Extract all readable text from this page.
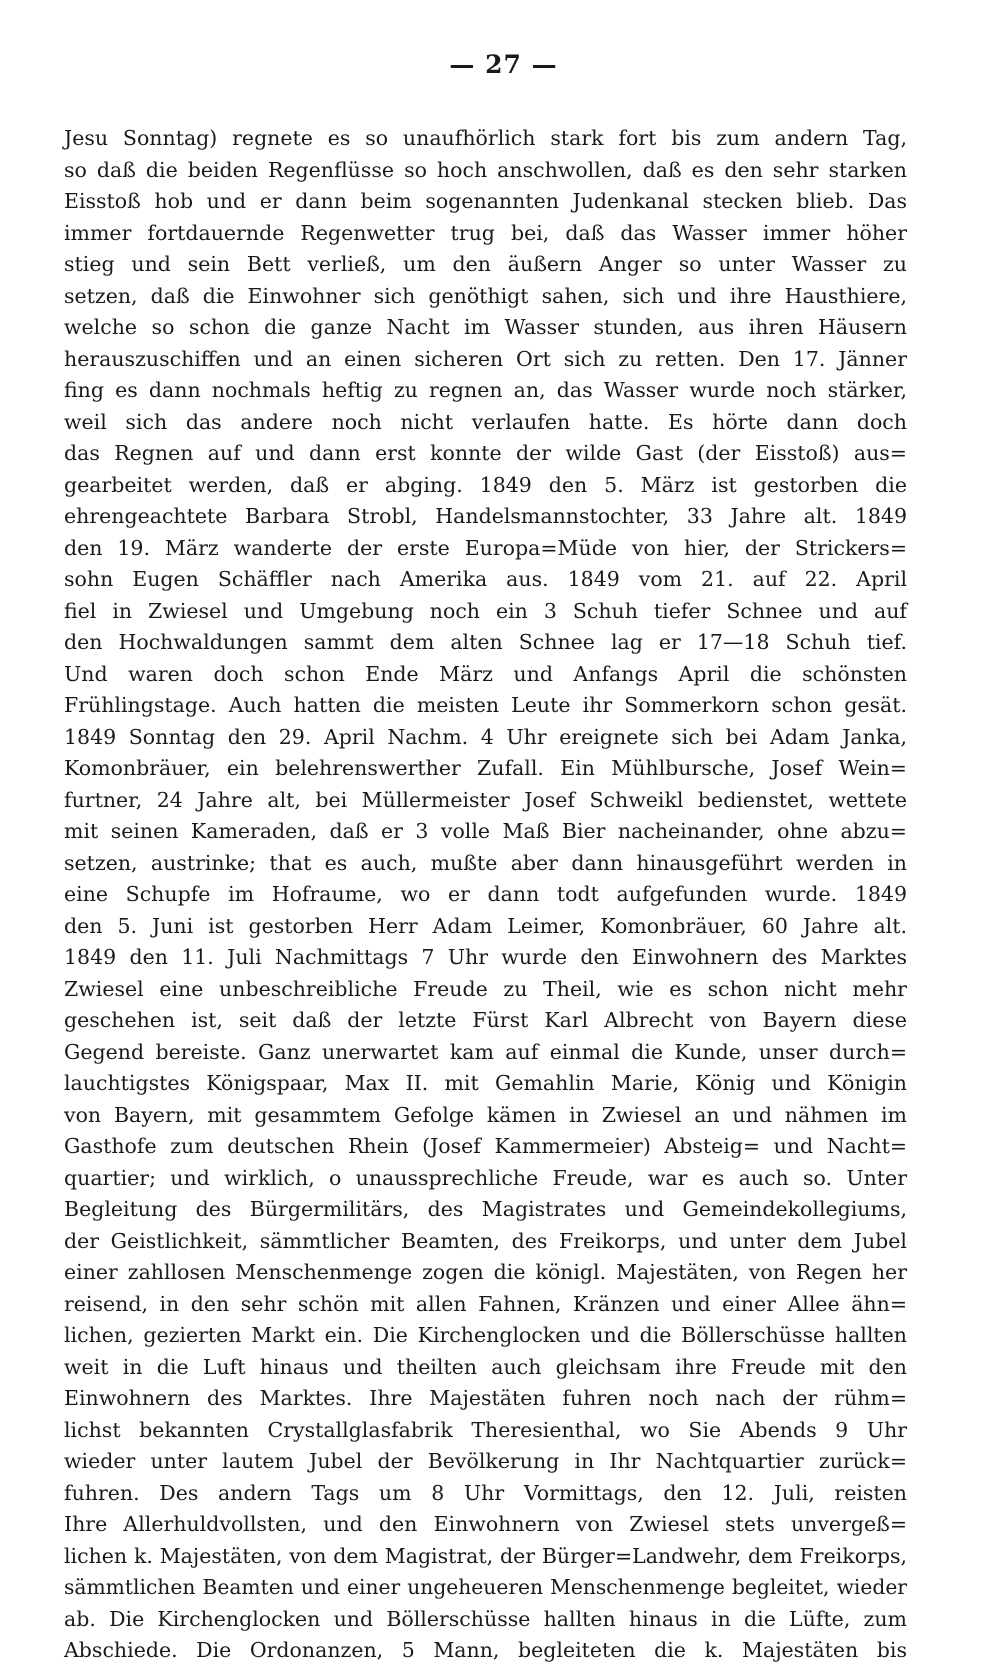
— 27 —
Jesu Sonntag) regnete es so unaufhörlich stark fort bis zum andern Tag,
so daß die beiden Regenflüsse so hoch anschwollen, daß es den sehr starken
Eisstoß hob und er dann beim sogenannten Judenkanal stecken blieb. Das
immer fortdauernde Regenwetter trug bei, daß das Wasser immer höher
stieg und sein Bett verließ, um den äußern Anger so unter Wasser zu
setzen, daß die Einwohner sich genöthigt sahen, sich und ihre Hausthiere,
welche so schon die ganze Nacht im Wasser stunden, aus ihren Häusern
herauszuschiffen und an einen sicheren Ort sich zu retten. Den 17. Jänner
fing es dann nochmals heftig zu regnen an, das Wasser wurde noch stärker,
weil sich das andere noch nicht verlaufen hatte. Es hörte dann doch
das Regnen auf und dann erst konnte der wilde Gast (der Eisstoß) aus=
gearbeitet werden, daß er abging. 1849 den 5. März ist gestorben die
ehrengeachtete Barbara Strobl, Handelsmannstochter, 33 Jahre alt. 1849
den 19. März wanderte der erste Europa=Müde von hier, der Strickers=
sohn Eugen Schäffler nach Amerika aus. 1849 vom 21. auf 22. April
fiel in Zwiesel und Umgebung noch ein 3 Schuh tiefer Schnee und auf
den Hochwaldungen sammt dem alten Schnee lag er 17—18 Schuh tief.
Und waren doch schon Ende März und Anfangs April die schönsten
Frühlingstage. Auch hatten die meisten Leute ihr Sommerkorn schon gesät.
1849 Sonntag den 29. April Nachm. 4 Uhr ereignete sich bei Adam Janka,
Komonbräuer, ein belehrenswerther Zufall. Ein Mühlbursche, Josef Wein=
furtner, 24 Jahre alt, bei Müllermeister Josef Schweikl bedienstet, wettete
mit seinen Kameraden, daß er 3 volle Maß Bier nacheinander, ohne abzu=
setzen, austrinke; that es auch, mußte aber dann hinausgeführt werden in
eine Schupfe im Hofraume, wo er dann todt aufgefunden wurde. 1849
den 5. Juni ist gestorben Herr Adam Leimer, Komonbräuer, 60 Jahre alt.
1849 den 11. Juli Nachmittags 7 Uhr wurde den Einwohnern des Marktes
Zwiesel eine unbeschreibliche Freude zu Theil, wie es schon nicht mehr
geschehen ist, seit daß der letzte Fürst Karl Albrecht von Bayern diese
Gegend bereiste. Ganz unerwartet kam auf einmal die Kunde, unser durch=
lauchtigstes Königspaar, Max II. mit Gemahlin Marie, König und Königin
von Bayern, mit gesammtem Gefolge kämen in Zwiesel an und nähmen im
Gasthofe zum deutschen Rhein (Josef Kammermeier) Absteig= und Nacht=
quartier; und wirklich, o unaussprechliche Freude, war es auch so. Unter
Begleitung des Bürgermilitärs, des Magistrates und Gemeindekollegiums,
der Geistlichkeit, sämmtlicher Beamten, des Freikorps, und unter dem Jubel
einer zahllosen Menschenmenge zogen die königl. Majestäten, von Regen her
reisend, in den sehr schön mit allen Fahnen, Kränzen und einer Allee ähn=
lichen, gezierten Markt ein. Die Kirchenglocken und die Böllerschüsse hallten
weit in die Luft hinaus und theilten auch gleichsam ihre Freude mit den
Einwohnern des Marktes. Ihre Majestäten fuhren noch nach der rühm=
lichst bekannten Crystallglasfabrik Theresienthal, wo Sie Abends 9 Uhr
wieder unter lautem Jubel der Bevölkerung in Ihr Nachtquartier zurück=
fuhren. Des andern Tags um 8 Uhr Vormittags, den 12. Juli, reisten
Ihre Allerhuldvollsten, und den Einwohnern von Zwiesel stets unvergeß=
lichen k. Majestäten, von dem Magistrat, der Bürger=Landwehr, dem Freikorps,
sämmtlichen Beamten und einer ungeheueren Menschenmenge begleitet, wieder
ab. Die Kirchenglocken und Böllerschüsse hallten hinaus in die Lüfte, zum
Abschiede. Die Ordonanzen, 5 Mann, begleiteten die k. Majestäten bis
